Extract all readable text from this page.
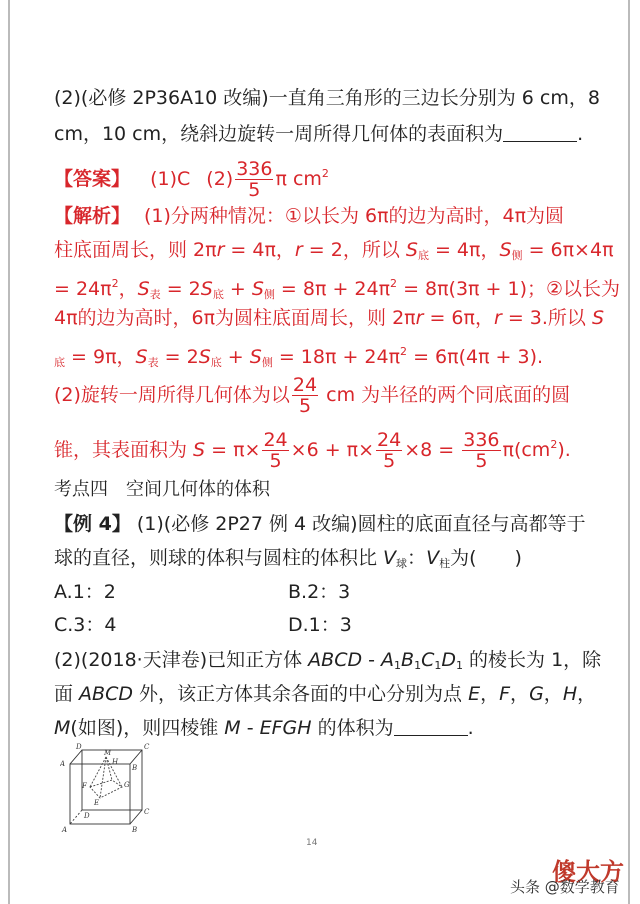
(2)(必修 2P36A10 改编)一直角三角形的三边长分别为 6 cm，8
cm，10 cm，绕斜边旋转一周所得几何体的表面积为	.
【答案】 (1)C $(2) \frac{336}{5}$ π $cm^2$
【解析】 (1)分两种情况：①以长为 6π的边为高时，4π为圆
柱底面周长，则 2πr = 4π，r = 2，所以 $S_底 = 4\pi$，$S_侧 = 6\pi\times 4\pi$
= $24\pi^2$，$S_表 = 2S_底 + S_侧 = 8\pi + 24\pi^2 = 8\pi(3\pi + 1)$；②以长为
4π的边为高时，6π为圆柱底面周长，则 2πr = 6π，r = 3.所以 S
$_底$ = 9π，$S_表 = 2S_底 + S_侧 = 18\pi + 24\pi^2 = 6\pi(4\pi + 3)$.
(2)旋转一周所得几何体为以 $\frac{24}{5}$ cm 为半径的两个同底面的圆
锥，其表面积为 $S = \pi\times \frac{24}{5} \times 6 + \pi\times \frac{24}{5} \times 8 = \frac{336}{5} \pi(cm^2)$.
考点四　空间几何体的体积
【例 4】 (1)(必修 2P27 例 4 改编)圆柱的底面直径与高都等于
球的直径，则球的体积与圆柱的体积比 $V_球$：$V_柱$为(　　)
A.1：2	B.2：3
C.3：4	D.1：3
(2)(2018·天津卷)已知正方体 ABCD - $A_1B_1C_1D_1$ 的棱长为 1，除
面 ABCD 外，该正方体其余各面的中心分别为点 E，F，G，H，
M(如图)，则四棱锥 M - EFGH 的体积为	.
D	C
A	B
M
H
G
F
E
D	C
A	B
14
傻大方
头条 @数学教育
